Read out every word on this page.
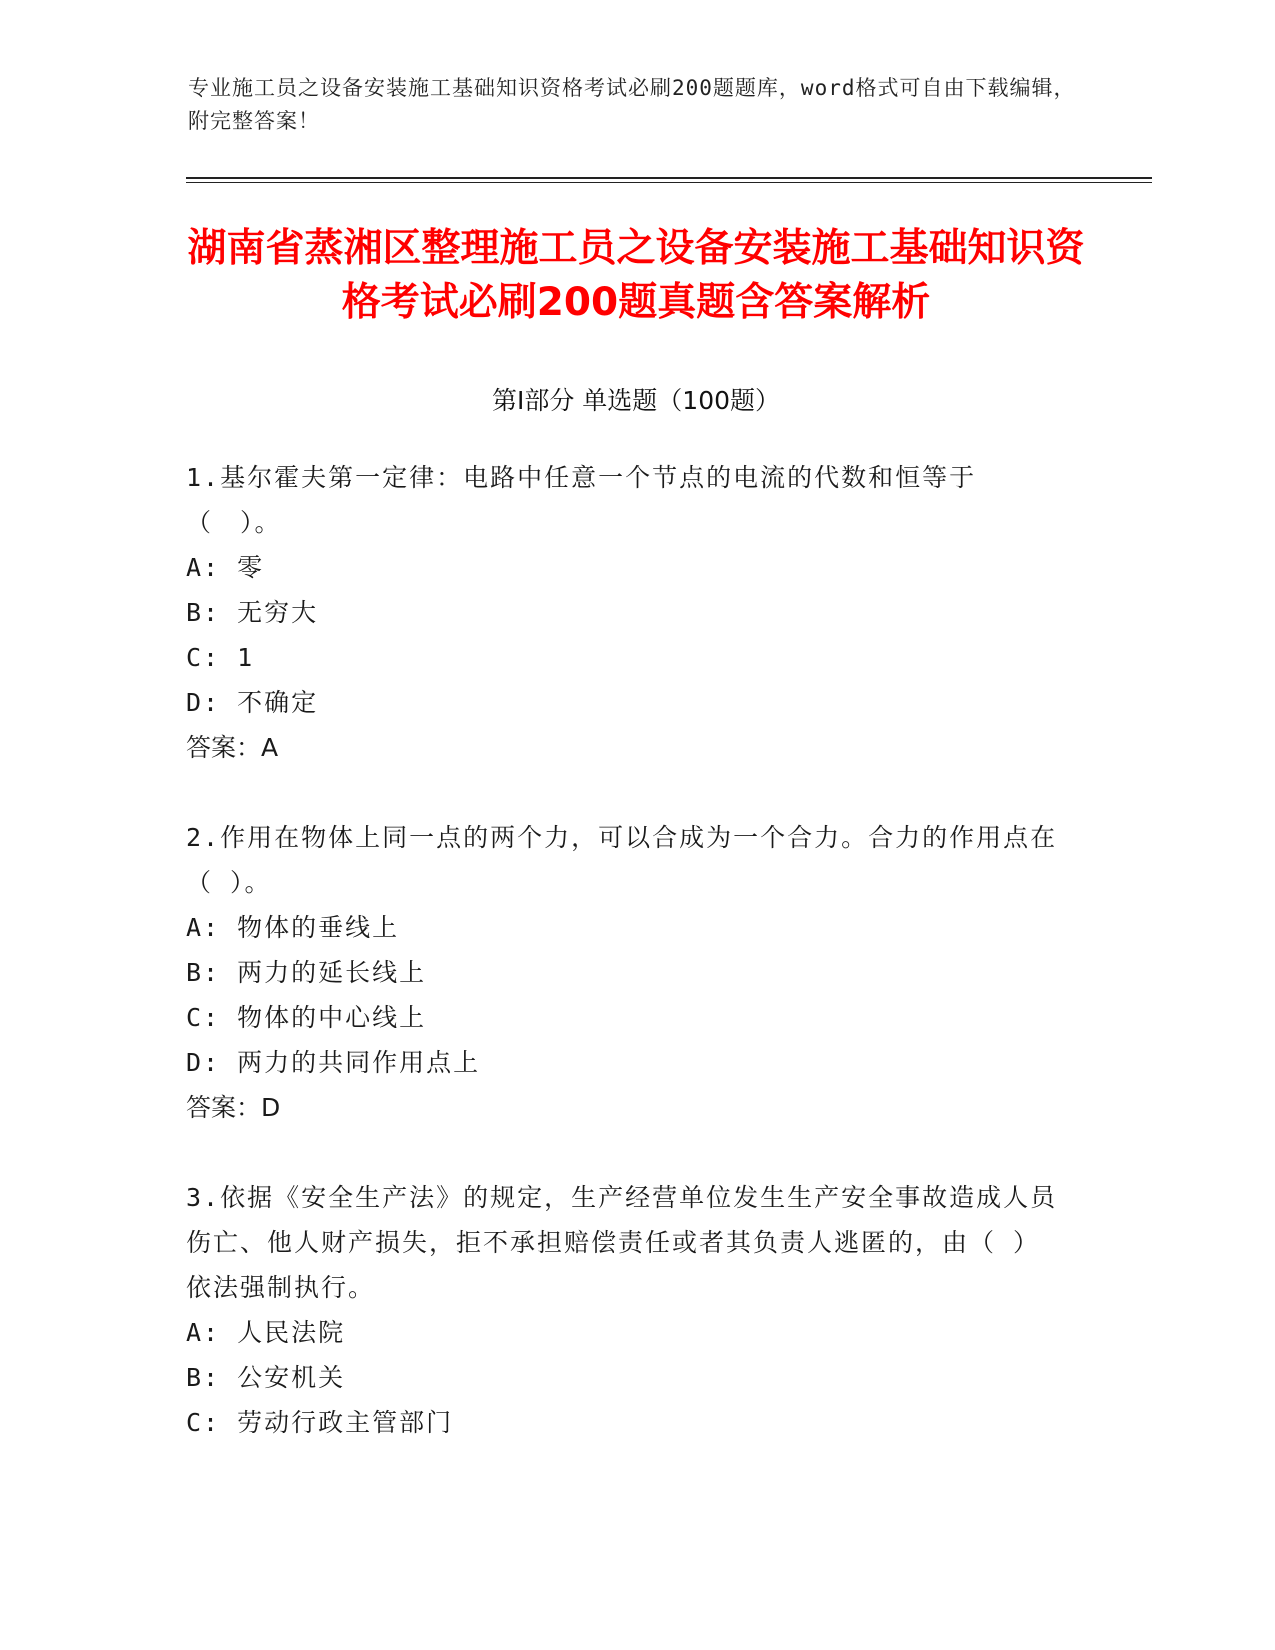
专业施工员之设备安装施工基础知识资格考试必刷200题题库，word格式可自由下载编辑，附完整答案！
湖南省蒸湘区整理施工员之设备安装施工基础知识资格考试必刷200题真题含答案解析
第Ⅰ部分 单选题（100题）
1.基尔霍夫第一定律：电路中任意一个节点的电流的代数和恒等于（　）。
A: 零
B: 无穷大
C: 1
D: 不确定
答案：A
2.作用在物体上同一点的两个力，可以合成为一个合力。合力的作用点在（ ）。
A: 物体的垂线上
B: 两力的延长线上
C: 物体的中心线上
D: 两力的共同作用点上
答案：D
3.依据《安全生产法》的规定，生产经营单位发生生产安全事故造成人员伤亡、他人财产损失，拒不承担赔偿责任或者其负责人逃匿的，由（ ）依法强制执行。
A: 人民法院
B: 公安机关
C: 劳动行政主管部门
